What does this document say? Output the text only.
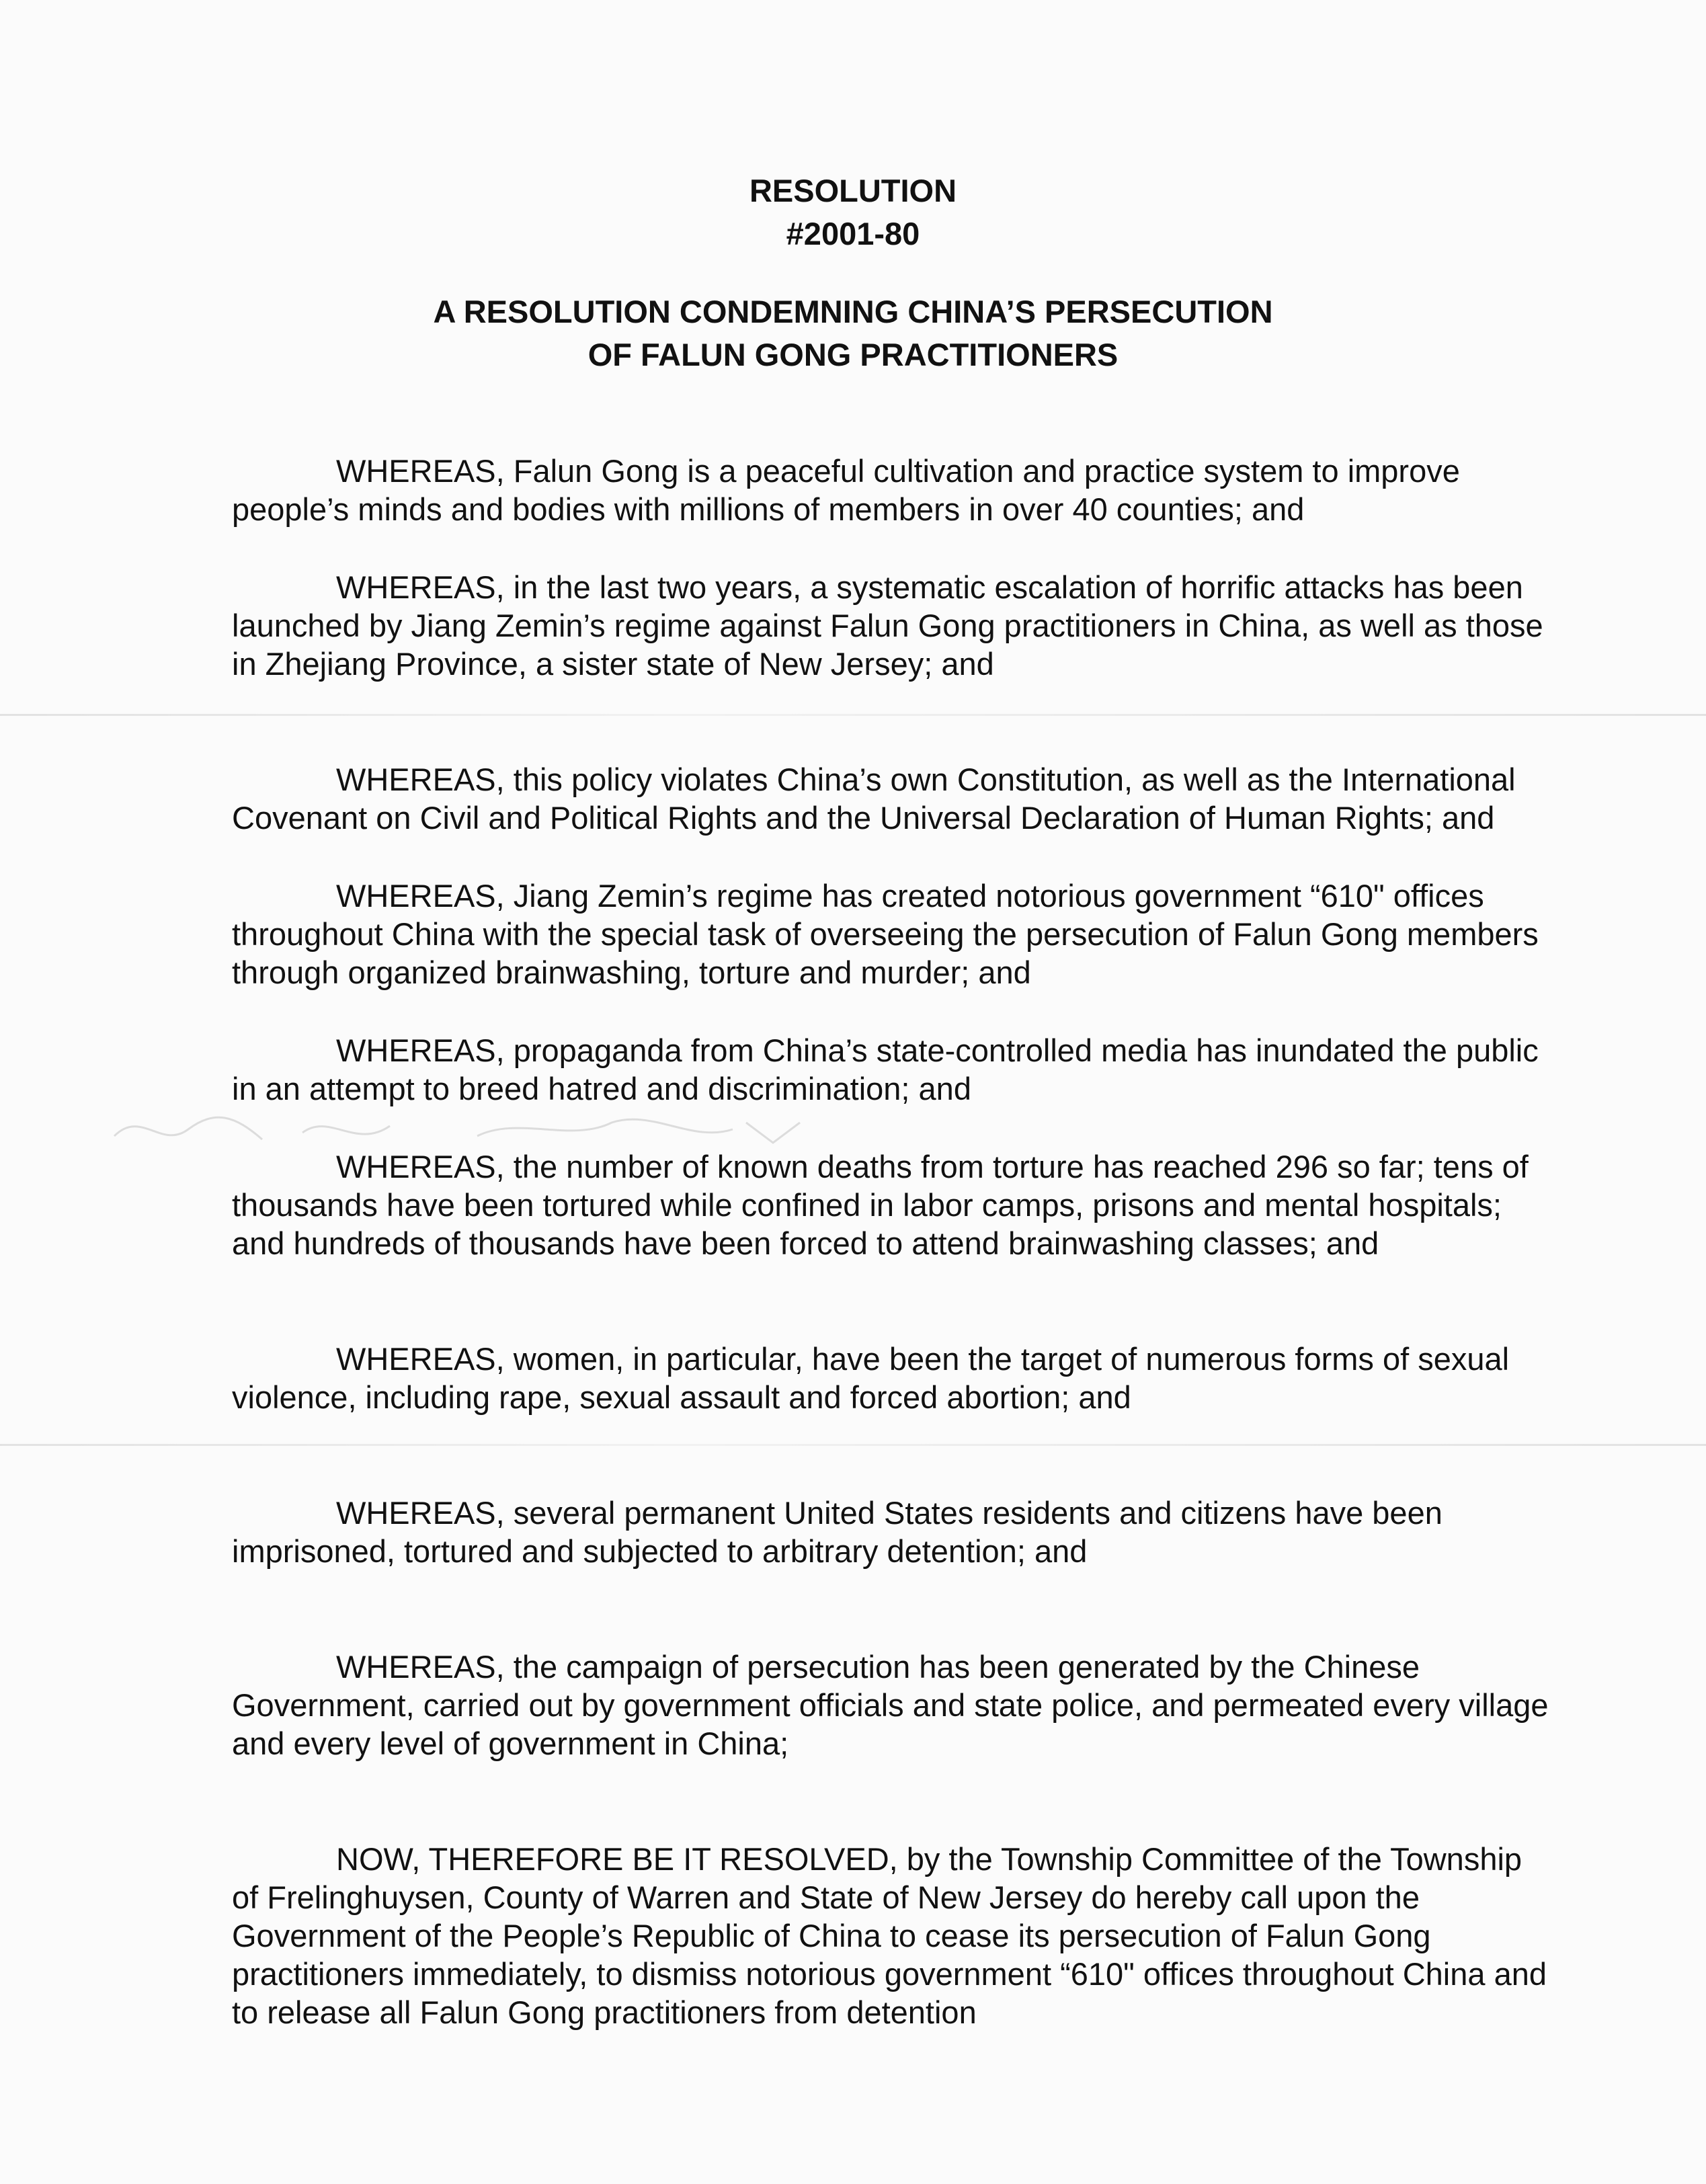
RESOLUTION
#2001-80
A RESOLUTION CONDEMNING CHINA’S PERSECUTION
OF FALUN GONG PRACTITIONERS

WHEREAS, Falun Gong is a peaceful cultivation and practice system to improve people’s minds and bodies with millions of members in over 40 counties; and

WHEREAS, in the last two years, a systematic escalation of horrific attacks has been launched by Jiang Zemin’s regime against Falun Gong practitioners in China, as well as those in Zhejiang Province, a sister state of New Jersey; and

WHEREAS, this policy violates China’s own Constitution, as well as the International Covenant on Civil and Political Rights and the Universal Declaration of Human Rights; and

WHEREAS, Jiang Zemin’s regime has created notorious government “610" offices throughout China with the special task of overseeing the persecution of Falun Gong members through organized brainwashing, torture and murder; and

WHEREAS, propaganda from China’s state-controlled media has inundated the public in an attempt to breed hatred and discrimination; and

WHEREAS, the number of known deaths from torture has reached 296 so far; tens of thousands have been tortured while confined in labor camps, prisons and mental hospitals; and hundreds of thousands have been forced to attend brainwashing classes; and

WHEREAS, women, in particular, have been the target of numerous forms of sexual violence, including rape, sexual assault and forced abortion; and

WHEREAS, several permanent United States residents and citizens have been imprisoned, tortured and subjected to arbitrary detention; and

WHEREAS, the campaign of persecution has been generated by the Chinese Government, carried out by government officials and state police, and permeated every village and every level of government in China;

NOW, THEREFORE BE IT RESOLVED, by the Township Committee of the Township of Frelinghuysen, County of Warren and State of New Jersey do hereby call upon the Government of the People’s Republic of China to cease its persecution of Falun Gong practitioners immediately, to dismiss notorious government “610" offices throughout China and to release all Falun Gong practitioners from detention
